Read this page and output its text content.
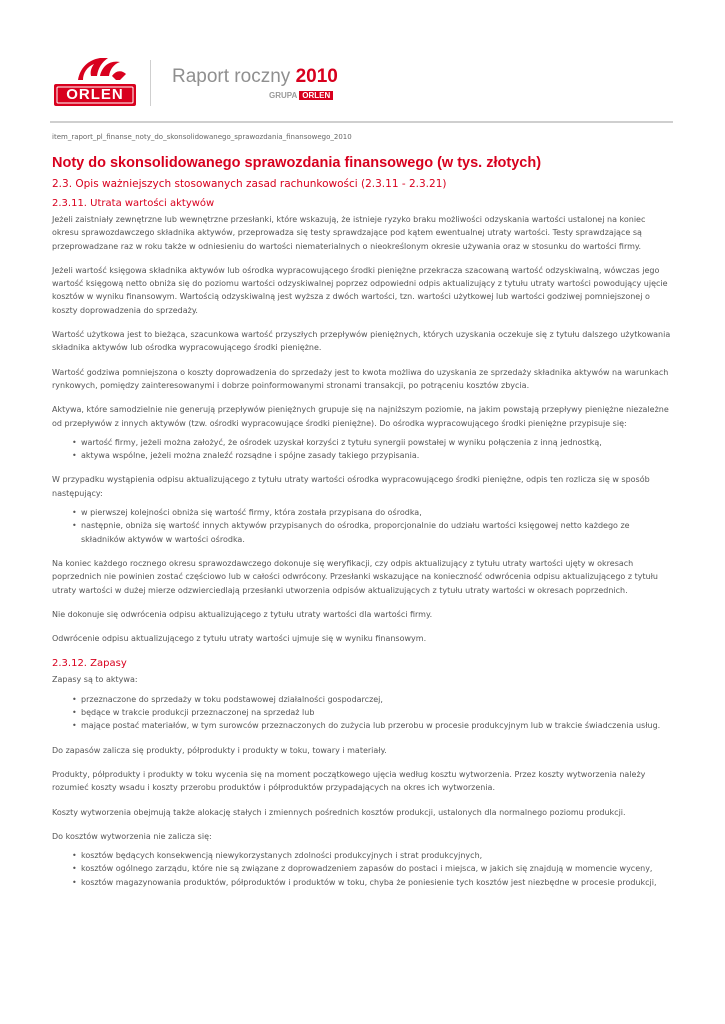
ORLEN
Raport roczny 2010
GRUPA ORLEN
item_raport_pl_finanse_noty_do_skonsolidowanego_sprawozdania_finansowego_2010
Noty do skonsolidowanego sprawozdania finansowego (w tys. złotych)
2.3. Opis ważniejszych stosowanych zasad rachunkowości (2.3.11 - 2.3.21)
2.3.11. Utrata wartości aktywów

Jeżeli zaistniały zewnętrzne lub wewnętrzne przesłanki, które wskazują, że istnieje ryzyko braku możliwości odzyskania wartości ustalonej na koniec okresu sprawozdawczego składnika aktywów, przeprowadza się testy sprawdzające pod kątem ewentualnej utraty wartości. Testy sprawdzające są przeprowadzane raz w roku także w odniesieniu do wartości niematerialnych o nieokreślonym okresie używania oraz w stosunku do wartości firmy.

Jeżeli wartość księgowa składnika aktywów lub ośrodka wypracowującego środki pieniężne przekracza szacowaną wartość odzyskiwalną, wówczas jego wartość księgową netto obniża się do poziomu wartości odzyskiwalnej poprzez odpowiedni odpis aktualizujący z tytułu utraty wartości powodujący ujęcie kosztów w wyniku finansowym. Wartością odzyskiwalną jest wyższa z dwóch wartości, tzn. wartości użytkowej lub wartości godziwej pomniejszonej o koszty doprowadzenia do sprzedaży.

Wartość użytkowa jest to bieżąca, szacunkowa wartość przyszłych przepływów pieniężnych, których uzyskania oczekuje się z tytułu dalszego użytkowania składnika aktywów lub ośrodka wypracowującego środki pieniężne.

Wartość godziwa pomniejszona o koszty doprowadzenia do sprzedaży jest to kwota możliwa do uzyskania ze sprzedaży składnika aktywów na warunkach rynkowych, pomiędzy zainteresowanymi i dobrze poinformowanymi stronami transakcji, po potrąceniu kosztów zbycia.

Aktywa, które samodzielnie nie generują przepływów pieniężnych grupuje się na najniższym poziomie, na jakim powstają przepływy pieniężne niezależne od przepływów z innych aktywów (tzw. ośrodki wypracowujące środki pieniężne). Do ośrodka wypracowującego środki pieniężne przypisuje się:

• wartość firmy, jeżeli można założyć, że ośrodek uzyskał korzyści z tytułu synergii powstałej w wyniku połączenia z inną jednostką,
• aktywa wspólne, jeżeli można znaleźć rozsądne i spójne zasady takiego przypisania.

W przypadku wystąpienia odpisu aktualizującego z tytułu utraty wartości ośrodka wypracowującego środki pieniężne, odpis ten rozlicza się w sposób następujący:

• w pierwszej kolejności obniża się wartość firmy, która została przypisana do ośrodka,
• następnie, obniża się wartość innych aktywów przypisanych do ośrodka, proporcjonalnie do udziału wartości księgowej netto każdego ze składników aktywów w wartości ośrodka.

Na koniec każdego rocznego okresu sprawozdawczego dokonuje się weryfikacji, czy odpis aktualizujący z tytułu utraty wartości ujęty w okresach poprzednich nie powinien zostać częściowo lub w całości odwrócony. Przesłanki wskazujące na konieczność odwrócenia odpisu aktualizującego z tytułu utraty wartości w dużej mierze odzwierciedlają przesłanki utworzenia odpisów aktualizujących z tytułu utraty wartości w okresach poprzednich.

Nie dokonuje się odwrócenia odpisu aktualizującego z tytułu utraty wartości dla wartości firmy.

Odwrócenie odpisu aktualizującego z tytułu utraty wartości ujmuje się w wyniku finansowym.

2.3.12. Zapasy

Zapasy są to aktywa:

• przeznaczone do sprzedaży w toku podstawowej działalności gospodarczej,
• będące w trakcie produkcji przeznaczonej na sprzedaż lub
• mające postać materiałów, w tym surowców przeznaczonych do zużycia lub przerobu w procesie produkcyjnym lub w trakcie świadczenia usług.

Do zapasów zalicza się produkty, półprodukty i produkty w toku, towary i materiały.

Produkty, półprodukty i produkty w toku wycenia się na moment początkowego ujęcia według kosztu wytworzenia. Przez koszty wytworzenia należy rozumieć koszty wsadu i koszty przerobu produktów i półproduktów przypadających na okres ich wytworzenia.

Koszty wytworzenia obejmują także alokację stałych i zmiennych pośrednich kosztów produkcji, ustalonych dla normalnego poziomu produkcji.

Do kosztów wytworzenia nie zalicza się:

• kosztów będących konsekwencją niewykorzystanych zdolności produkcyjnych i strat produkcyjnych,
• kosztów ogólnego zarządu, które nie są związane z doprowadzeniem zapasów do postaci i miejsca, w jakich się znajdują w momencie wyceny,
• kosztów magazynowania produktów, półproduktów i produktów w toku, chyba że poniesienie tych kosztów jest niezbędne w procesie produkcji,
